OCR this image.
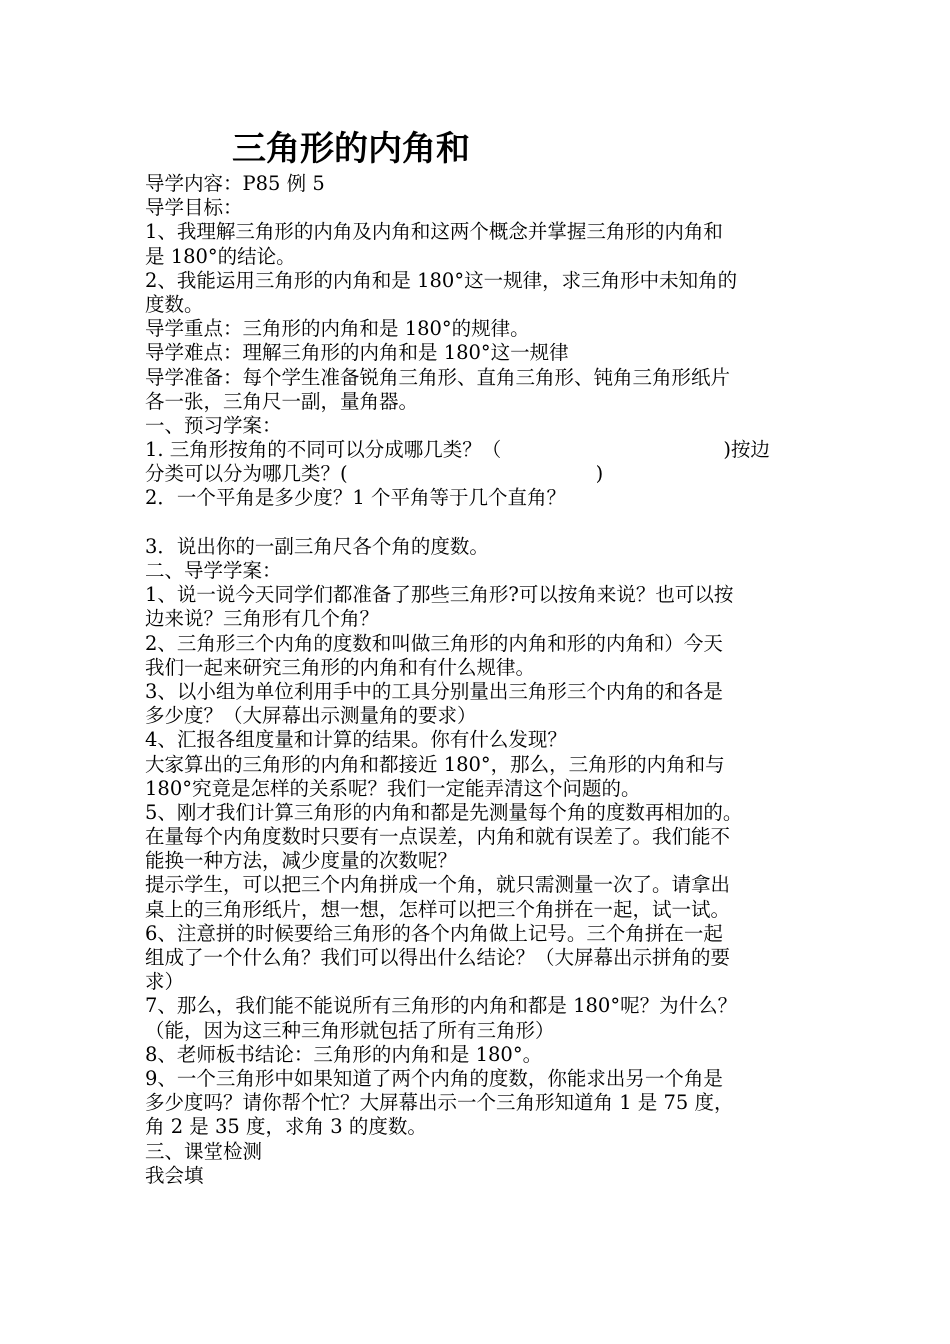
三角形的内角和
导学内容：P85 例 5
导学目标：
1、我理解三角形的内角及内角和这两个概念并掌握三角形的内角和
是 180°的结论。
2、我能运用三角形的内角和是 180°这一规律，求三角形中未知角的
度数。
导学重点：三角形的内角和是 180°的规律。
导学难点：理解三角形的内角和是 180°这一规律
导学准备：每个学生准备锐角三角形、直角三角形、钝角三角形纸片
各一张，三角尺一副，量角器。
一、预习学案：
1. 三角形按角的不同可以分成哪几类？（	)按边
分类可以分为哪几类？(	)
2．一个平角是多少度？1 个平角等于几个直角？
3．说出你的一副三角尺各个角的度数。
二、导学学案：
1、说一说今天同学们都准备了那些三角形?可以按角来说？也可以按
边来说？三角形有几个角？
2、三角形三个内角的度数和叫做三角形的内角和形的内角和）今天
我们一起来研究三角形的内角和有什么规律。
3、以小组为单位利用手中的工具分别量出三角形三个内角的和各是
多少度？（大屏幕出示测量角的要求）
4、汇报各组度量和计算的结果。你有什么发现？
大家算出的三角形的内角和都接近 180°，那么，三角形的内角和与
180°究竟是怎样的关系呢？我们一定能弄清这个问题的。
5、刚才我们计算三角形的内角和都是先测量每个角的度数再相加的。
在量每个内角度数时只要有一点误差，内角和就有误差了。我们能不
能换一种方法，减少度量的次数呢？
提示学生，可以把三个内角拼成一个角，就只需测量一次了。请拿出
桌上的三角形纸片，想一想，怎样可以把三个角拼在一起，试一试。
6、注意拼的时候要给三角形的各个内角做上记号。三个角拼在一起
组成了一个什么角？我们可以得出什么结论？（大屏幕出示拼角的要
求）
7、那么，我们能不能说所有三角形的内角和都是 180°呢？为什么？
（能，因为这三种三角形就包括了所有三角形）
8、老师板书结论：三角形的内角和是 180°。
9、一个三角形中如果知道了两个内角的度数，你能求出另一个角是
多少度吗？请你帮个忙？大屏幕出示一个三角形知道角 1 是 75 度，
角 2 是 35 度，求角 3 的度数。
三、课堂检测
我会填
